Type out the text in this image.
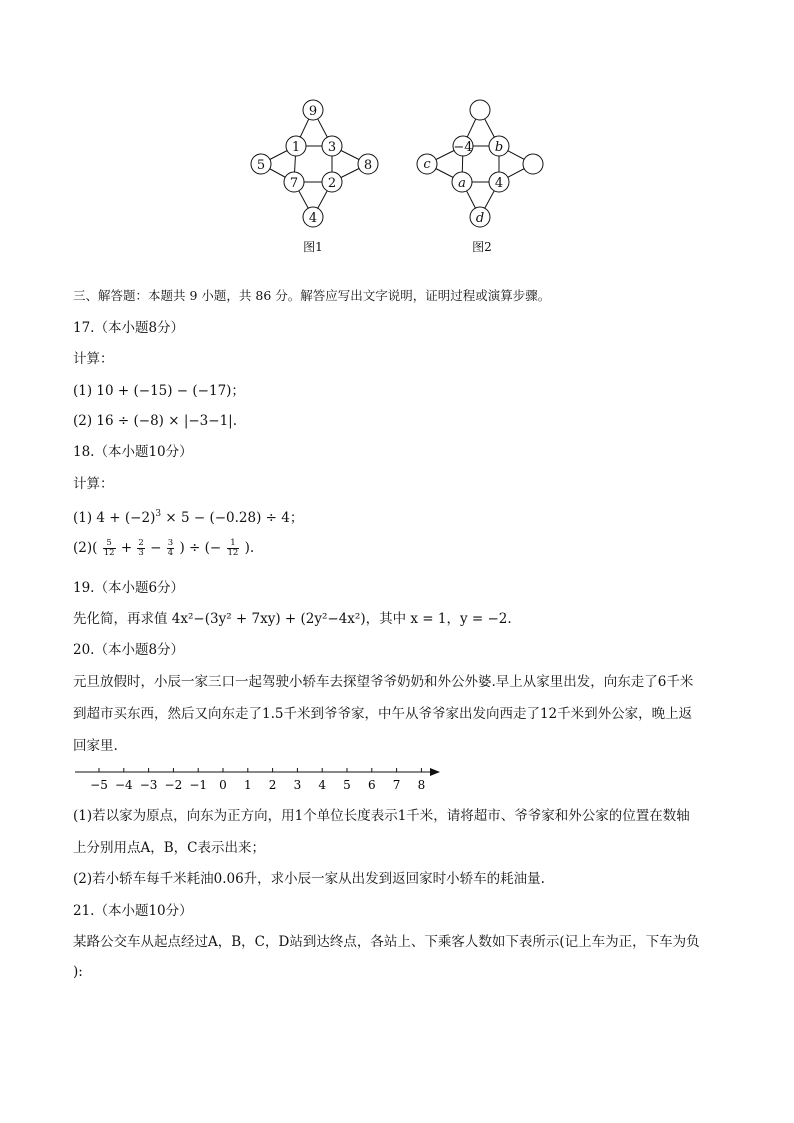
9
1 3
5	8
7 2
4
图1
−4 b
c
a 4
d
图2
三、解答题：本题共 9 小题，共 86 分。解答应写出文字说明，证明过程或演算步骤。
17.（本小题8分）
计算：
(1) 10 + (−15) − (−17)；
(2) 16 ÷ (−8) × |−3−1|.
18.（本小题10分）
计算：
(1) $4 + (-2)^3 \times 5 - (-0.28) \div 4$；
$(2)( \frac{5}{12} + \frac{2}{3} - \frac{3}{4}$ ) ÷ (− $\frac{1}{12}$ ).
19.（本小题6分）
先化简，再求值 4x²−(3y² + 7xy) + (2y²−4x²)，其中 x = 1，y = −2.
20.（本小题8分）
元旦放假时，小辰一家三口一起驾驶小轿车去探望爷爷奶奶和外公外婆.早上从家里出发，向东走了6千米
到超市买东西，然后又向东走了1.5千米到爷爷家，中午从爷爷家出发向西走了12千米到外公家，晚上返
回家里.
−5 −4 −3 −2 −1 0 1 2 3 4 5 6 7 8
(1)若以家为原点，向东为正方向，用1个单位长度表示1千米，请将超市、爷爷家和外公家的位置在数轴
上分别用点A，B，C表示出来；
(2)若小轿车每千米耗油0.06升，求小辰一家从出发到返回家时小轿车的耗油量.
21.（本小题10分）
某路公交车从起点经过A，B，C，D站到达终点，各站上、下乘客人数如下表所示(记上车为正，下车为负
):
